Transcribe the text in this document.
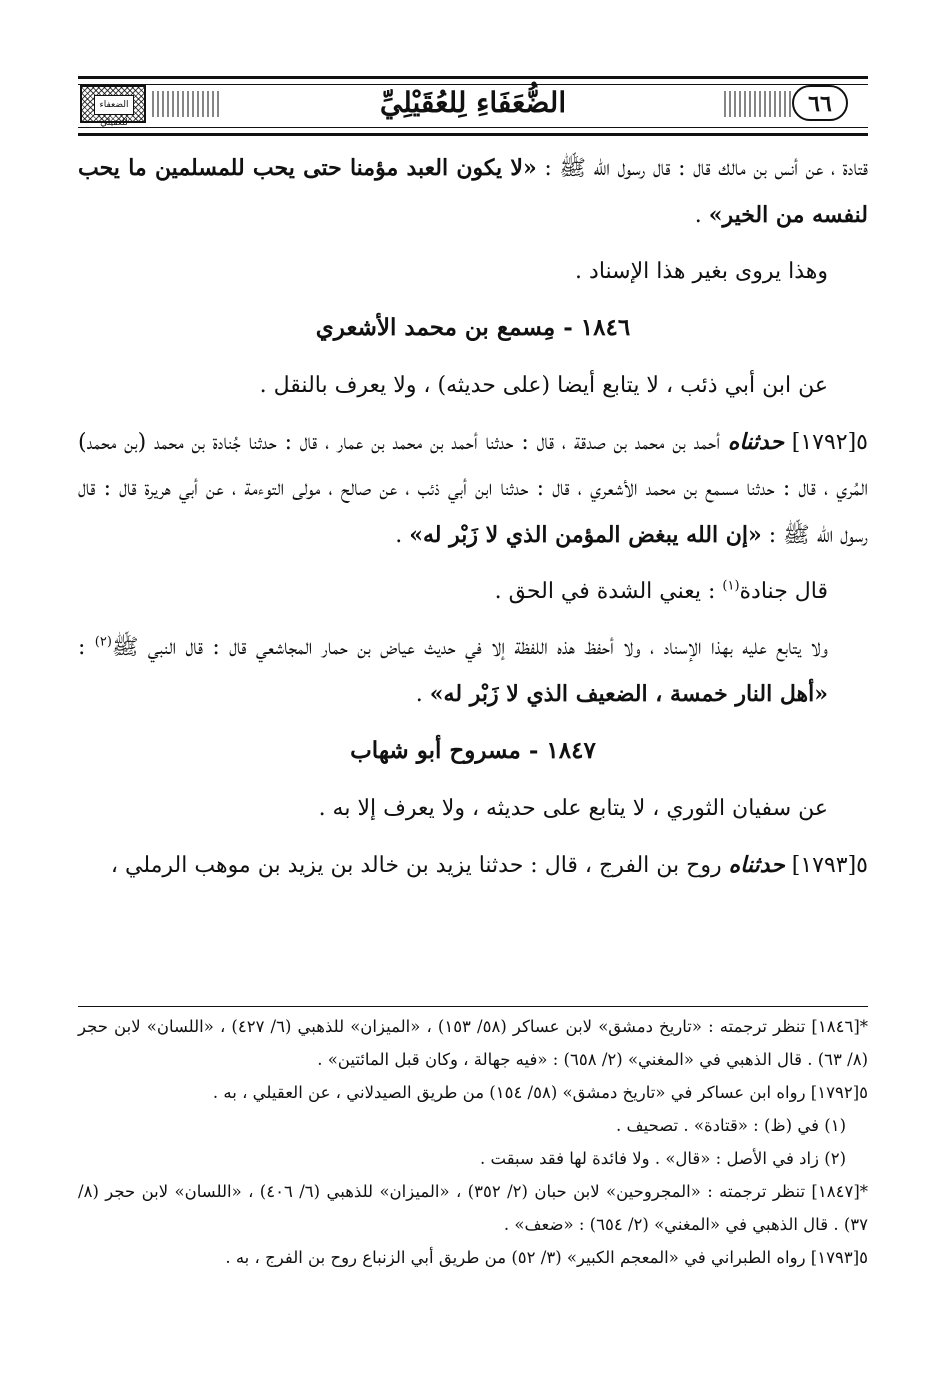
الضعفاء للعقيلي
الضُّعَفَاءِ لِلعُقَيْلِيِّ	٦٦

قتادة ، عن أنس بن مالك قال : قال رسول الله ﷺ : «لا يكون العبد مؤمنا حتى يحب للمسلمين ما يحب لنفسه من الخير» .

وهذا يروى بغير هذا الإسناد .

١٨٤٦ - مِسمع بن محمد الأشعري

عن ابن أبي ذئب ، لا يتابع أيضا (على حديثه) ، ولا يعرف بالنقل .

٥[١٧٩٢] حدثناه أحمد بن محمد بن صدقة ، قال : حدثنا أحمد بن محمد بن عمار ، قال : حدثنا جُنادة بن محمد (بن محمد) المُري ، قال : حدثنا مسمع بن محمد الأشعري ، قال : حدثنا ابن أبي ذئب ، عن صالح ، مولى التوءمة ، عن أبي هريرة قال : قال رسول الله ﷺ : «إن الله يبغض المؤمن الذي لا زَبْر له» .

قال جنادة$^{(١)}$ : يعني الشدة في الحق .

ولا يتابع عليه بهذا الإسناد ، ولا أحفظ هذه اللفظة إلا في حديث عياض بن حمار المجاشعي قال : قال النبي ﷺ$^{(٢)}$ : «أهل النار خمسة ، الضعيف الذي لا زَبْر له» .

١٨٤٧ - مسروح أبو شهاب

عن سفيان الثوري ، لا يتابع على حديثه ، ولا يعرف إلا به .

٥[١٧٩٣] حدثناه روح بن الفرج ، قال : حدثنا يزيد بن خالد بن يزيد بن موهب الرملي ،

*[١٨٤٦] تنظر ترجمته : «تاريخ دمشق» لابن عساكر (٥٨/ ١٥٣) ، «الميزان» للذهبي (٦/ ٤٢٧) ، «اللسان» لابن حجر (٨/ ٦٣) . قال الذهبي في «المغني» (٢/ ٦٥٨) : «فيه جهالة ، وكان قبل المائتين» .

٥[١٧٩٢] رواه ابن عساكر في «تاريخ دمشق» (٥٨/ ١٥٤) من طريق الصيدلاني ، عن العقيلي ، به .

(١) في (ظ) : «قتادة» . تصحيف .

(٢) زاد في الأصل : «قال» . ولا فائدة لها فقد سبقت .

*[١٨٤٧] تنظر ترجمته : «المجروحين» لابن حبان (٢/ ٣٥٢) ، «الميزان» للذهبي (٦/ ٤٠٦) ، «اللسان» لابن حجر (٨/ ٣٧) . قال الذهبي في «المغني» (٢/ ٦٥٤) : «ضعف» .

٥[١٧٩٣] رواه الطبراني في «المعجم الكبير» (٣/ ٥٢) من طريق أبي الزنباع روح بن الفرج ، به .
